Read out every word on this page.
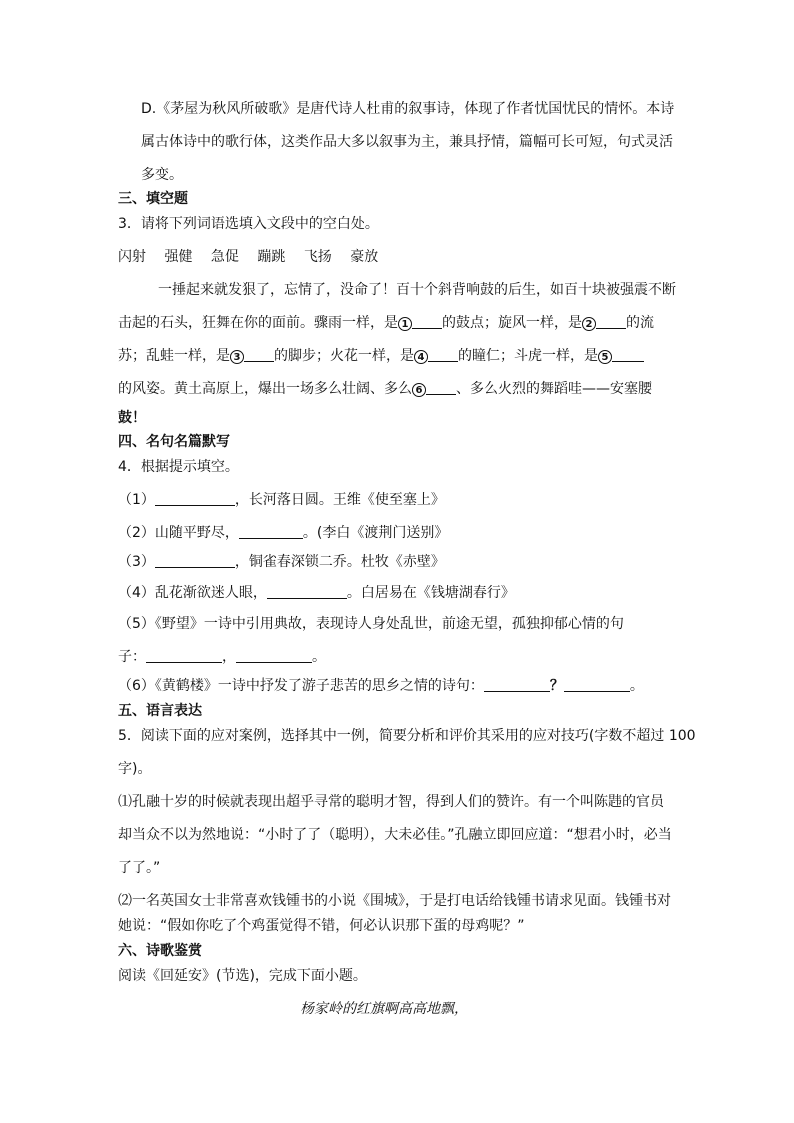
D.《茅屋为秋风所破歌》是唐代诗人杜甫的叙事诗，体现了作者忧国忧民的情怀。本诗
属古体诗中的歌行体，这类作品大多以叙事为主，兼具抒情，篇幅可长可短，句式灵活
多变。
三、填空题
3．请将下列词语选填入文段中的空白处。
闪射 强健 急促 蹦跳 飞扬 豪放
一捶起来就发狠了，忘情了，没命了！百十个斜背响鼓的后生，如百十块被强震不断
击起的石头，狂舞在你的面前。骤雨一样，是 1 的鼓点；旋风一样，是 2 的流
苏；乱蛙一样，是 3 的脚步；火花一样，是 4 的瞳仁；斗虎一样，是 5
的风姿。黄土高原上，爆出一场多么壮阔、多么 6 、多么火烈的舞蹈哇——安塞腰
鼓！
四、名句名篇默写
4．根据提示填空。
（1）	，长河落日圆。王维《使至塞上》
（2）山随平野尽，	。(李白《渡荆门送别》
（3）	，铜雀春深锁二乔。杜牧《赤壁》
（4）乱花渐欲迷人眼，	。白居易在《钱塘湖春行》
（5）《野望》一诗中引用典故，表现诗人身处乱世，前途无望，孤独抑郁心情的句
子：	，	。
（6）《黄鹤楼》一诗中抒发了游子悲苦的思乡之情的诗句：	？	。
五、语言表达
5．阅读下面的应对案例，选择其中一例，简要分析和评价其采用的应对技巧(字数不超过 100
字)。
⑴孔融十岁的时候就表现出超乎寻常的聪明才智，得到人们的赞许。有一个叫陈韪的官员
却当众不以为然地说：“小时了了（聪明），大未必佳。”孔融立即回应道：“想君小时，必当
了了。”
⑵一名英国女士非常喜欢钱锺书的小说《围城》，于是打电话给钱锺书请求见面。钱锺书对
她说：“假如你吃了个鸡蛋觉得不错，何必认识那下蛋的母鸡呢？”
六、诗歌鉴赏
阅读《回延安》(节选)，完成下面小题。
杨家岭的红旗啊高高地飘，
